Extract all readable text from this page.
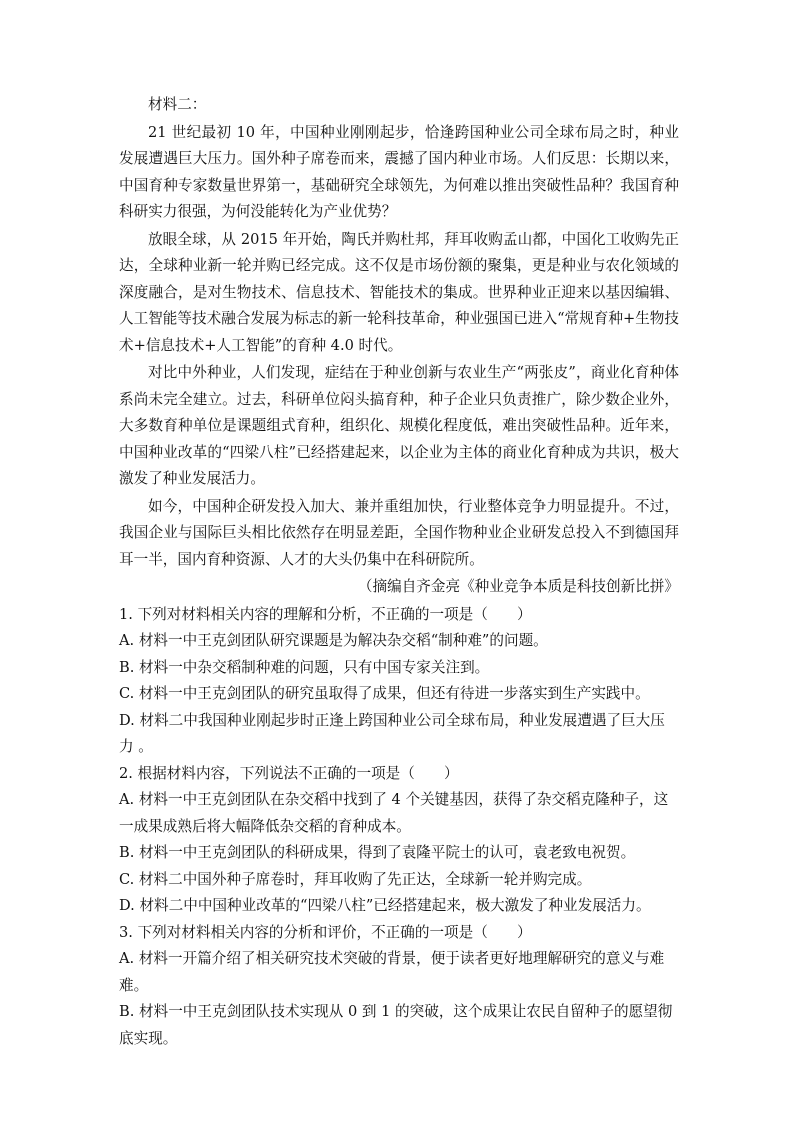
材料二：

21 世纪最初 10 年，中国种业刚刚起步，恰逢跨国种业公司全球布局之时，种业发展遭遇巨大压力。国外种子席卷而来，震撼了国内种业市场。人们反思：长期以来，中国育种专家数量世界第一，基础研究全球领先，为何难以推出突破性品种？我国育种科研实力很强，为何没能转化为产业优势？

放眼全球，从 2015 年开始，陶氏并购杜邦，拜耳收购孟山都，中国化工收购先正达，全球种业新一轮并购已经完成。这不仅是市场份额的聚集，更是种业与农化领域的深度融合，是对生物技术、信息技术、智能技术的集成。世界种业正迎来以基因编辑、人工智能等技术融合发展为标志的新一轮科技革命，种业强国已进入“常规育种+生物技术+信息技术+人工智能”的育种 4.0 时代。

对比中外种业，人们发现，症结在于种业创新与农业生产“两张皮”，商业化育种体系尚未完全建立。过去，科研单位闷头搞育种，种子企业只负责推广，除少数企业外，大多数育种单位是课题组式育种，组织化、规模化程度低，难出突破性品种。近年来，中国种业改革的“四梁八柱”已经搭建起来，以企业为主体的商业化育种成为共识，极大激发了种业发展活力。

如今，中国种企研发投入加大、兼并重组加快，行业整体竞争力明显提升。不过，我国企业与国际巨头相比依然存在明显差距，全国作物种业企业研发总投入不到德国拜耳一半，国内育种资源、人才的大头仍集中在科研院所。

（摘编自齐金亮《种业竞争本质是科技创新比拼》

1. 下列对材料相关内容的理解和分析，不正确的一项是（　　）

A. 材料一中王克剑团队研究课题是为解决杂交稻“制种难”的问题。

B. 材料一中杂交稻制种难的问题，只有中国专家关注到。

C. 材料一中王克剑团队的研究虽取得了成果，但还有待进一步落实到生产实践中。

D. 材料二中我国种业刚起步时正逢上跨国种业公司全球布局，种业发展遭遇了巨大压力 。

2. 根据材料内容，下列说法不正确的一项是（　　）

A. 材料一中王克剑团队在杂交稻中找到了 4 个关键基因，获得了杂交稻克隆种子，这一成果成熟后将大幅降低杂交稻的育种成本。

B. 材料一中王克剑团队的科研成果，得到了袁隆平院士的认可，袁老致电祝贺。

C. 材料二中国外种子席卷时，拜耳收购了先正达，全球新一轮并购完成。

D. 材料二中中国种业改革的“四梁八柱”已经搭建起来，极大激发了种业发展活力。

3. 下列对材料相关内容的分析和评价，不正确的一项是（　　）

A. 材料一开篇介绍了相关研究技术突破的背景，便于读者更好地理解研究的意义与难难。

B. 材料一中王克剑团队技术实现从 0 到 1 的突破，这个成果让农民自留种子的愿望彻底实现。
